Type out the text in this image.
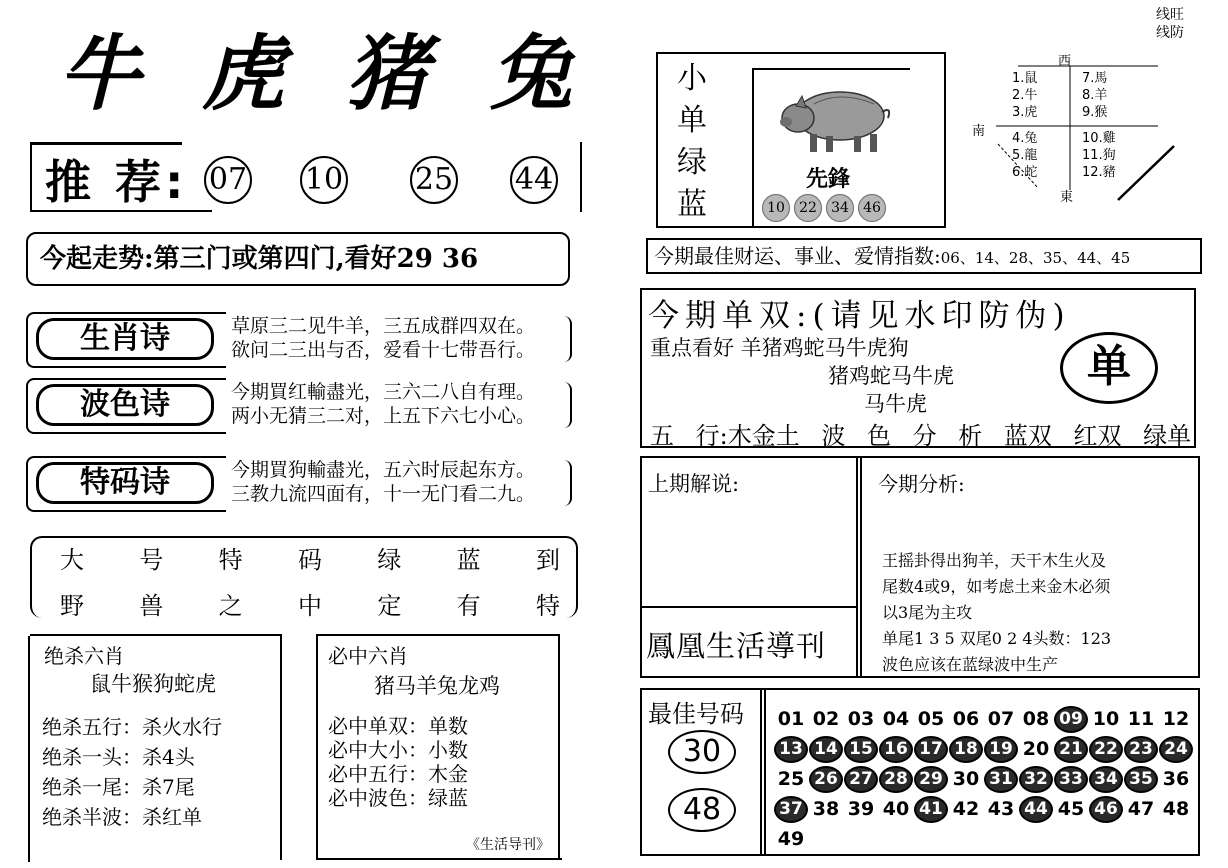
牛 虎 猪 兔
推 荐: 07 10 25 44
今起走势:第三门或第四门,看好29 36
生肖诗	草原三二见牛羊，三五成群四双在。
欲问二三出与否，爱看十七带吾行。
波色诗	今期買红輸盡光，三六二八自有理。
两小无猜三二对，上五下六七小心。
特码诗	今期買狗輸盡光，五六时辰起东方。
三教九流四面有，十一无门看二九。
大 号 特 码 绿 蓝 到
野 兽 之 中 定 有 特
绝杀六肖
鼠牛猴狗蛇虎
绝杀五行：杀火水行
绝杀一头：杀4头
绝杀一尾：杀7尾
绝杀半波：杀红单
必中六肖
猪马羊兔龙鸡
必中单双：单数
必中大小：小数
必中五行：木金
必中波色：绿蓝
《生活导刊》
线旺
线防
小
单
绿
蓝
先鋒
10	22	34	46
西
南
東
1.鼠
2.牛
3.虎
4.兔
5.龍
6.蛇
7.馬
8.羊
9.猴
10.雞
11.狗
12.豬
今期最佳财运、事业、爱情指数:06、14、28、35、44、45
今期单双:(请见水印防伪)
重点看好 羊猪鸡蛇马牛虎狗
猪鸡蛇马牛虎
马牛虎
单
五 行:木金土 波 色 分 析 蓝双 红双 绿单
上期解说:
鳳凰生活導刊
今期分析:
王摇卦得出狗羊，天干木生火及
尾数4或9，如考虑土来金木必须
以3尾为主攻
单尾1 3 5 双尾0 2 4头数：123
波色应该在蓝绿波中生产
最佳号码
30
48
01 02 03 04 05 06 07 08 09 10 11 12
13 14 15 16 17 18 19 20 21 22 23 24
25 26 27 28 29 30 31 32 33 34 35 36
37 38 39 40 41 42 43 44 45 46 47 48
49
